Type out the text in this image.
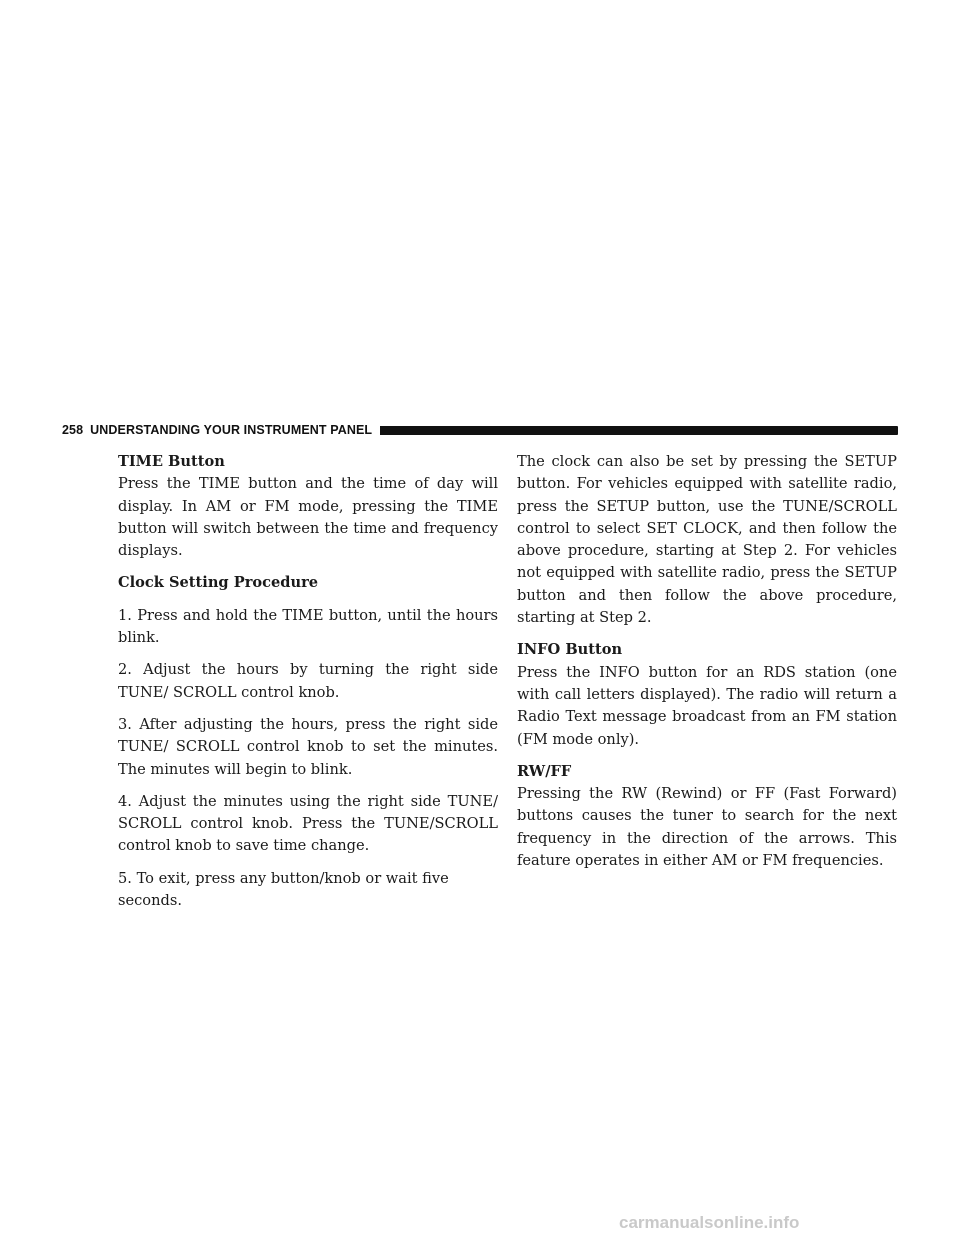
258 UNDERSTANDING YOUR INSTRUMENT PANEL
TIME Button

Press the TIME button and the time of day will display. In AM or FM mode, pressing the TIME button will switch between the time and frequency displays.

Clock Setting Procedure

1. Press and hold the TIME button, until the hours blink.

2. Adjust the hours by turning the right side TUNE/ SCROLL control knob.

3. After adjusting the hours, press the right side TUNE/ SCROLL control knob to set the minutes. The minutes will begin to blink.

4. Adjust the minutes using the right side TUNE/ SCROLL control knob. Press the TUNE/SCROLL control knob to save time change.

5. To exit, press any button/knob or wait five seconds.

The clock can also be set by pressing the SETUP button. For vehicles equipped with satellite radio, press the SETUP button, use the TUNE/SCROLL control to select SET CLOCK, and then follow the above procedure, starting at Step 2. For vehicles not equipped with satellite radio, press the SETUP button and then follow the above procedure, starting at Step 2.

INFO Button

Press the INFO button for an RDS station (one with call letters displayed). The radio will return a Radio Text message broadcast from an FM station (FM mode only).

RW/FF

Pressing the RW (Rewind) or FF (Fast Forward) buttons causes the tuner to search for the next frequency in the direction of the arrows. This feature operates in either AM or FM frequencies.

carmanualsonline.info
